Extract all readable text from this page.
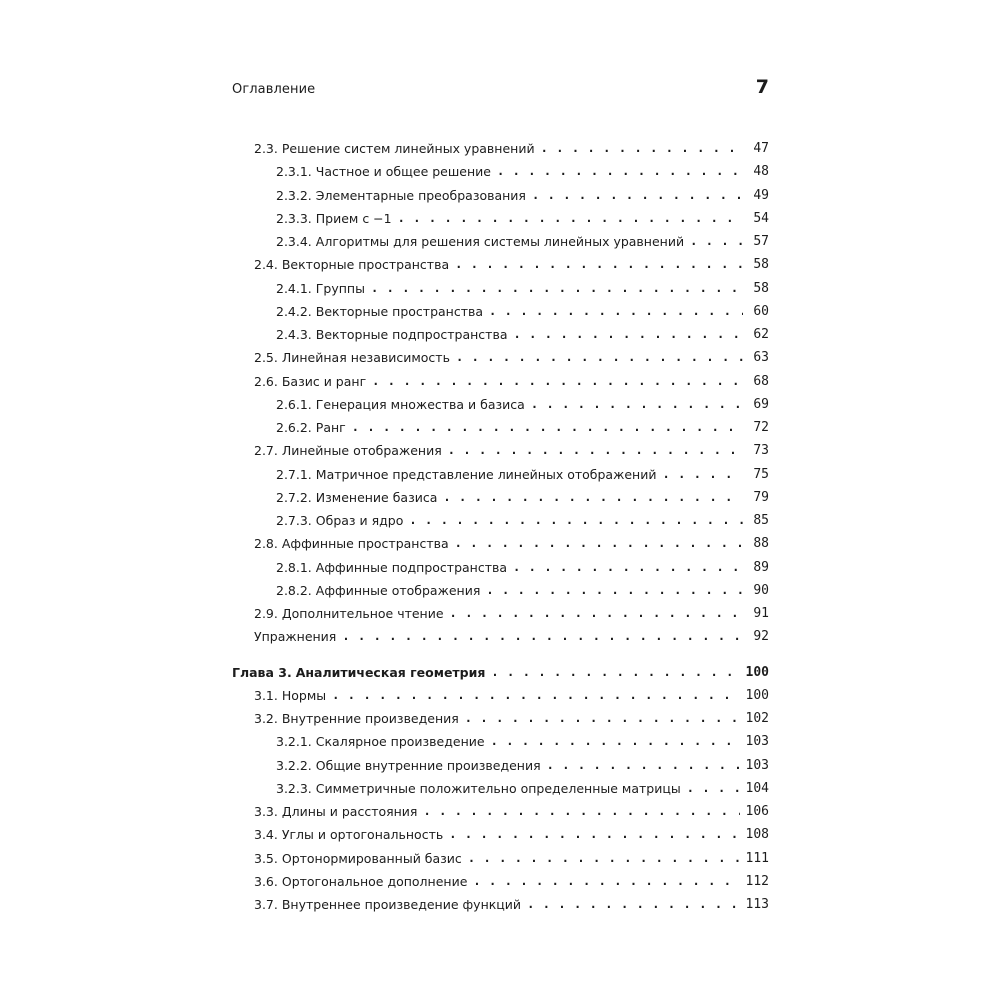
Оглавление	7
2.3. Решение систем линейных уравнений . . .	47
2.3.1. Частное и общее решение . . .	48
2.3.2. Элементарные преобразования . . .	49
2.3.3. Прием с −1 . . .	54
2.3.4. Алгоритмы для решения системы линейных уравнений . . .	57
2.4. Векторные пространства . . .	58
2.4.1. Группы . . .	58
2.4.2. Векторные пространства . . .	60
2.4.3. Векторные подпространства . . .	62
2.5. Линейная независимость . . .	63
2.6. Базис и ранг . . .	68
2.6.1. Генерация множества и базиса . . .	69
2.6.2. Ранг . . .	72
2.7. Линейные отображения . . .	73
2.7.1. Матричное представление линейных отображений . . .	75
2.7.2. Изменение базиса . . .	79
2.7.3. Образ и ядро . . .	85
2.8. Аффинные пространства . . .	88
2.8.1. Аффинные подпространства . . .	89
2.8.2. Аффинные отображения . . .	90
2.9. Дополнительное чтение . . .	91
Упражнения . . .	92
Глава 3. Аналитическая геометрия . . .	100
3.1. Нормы . . .	100
3.2. Внутренние произведения . . .	102
3.2.1. Скалярное произведение . . .	103
3.2.2. Общие внутренние произведения . . .	103
3.2.3. Симметричные положительно определенные матрицы . . .	104
3.3. Длины и расстояния . . .	106
3.4. Углы и ортогональность . . .	108
3.5. Ортонормированный базис . . .	111
3.6. Ортогональное дополнение . . .	112
3.7. Внутреннее произведение функций . . .	113
